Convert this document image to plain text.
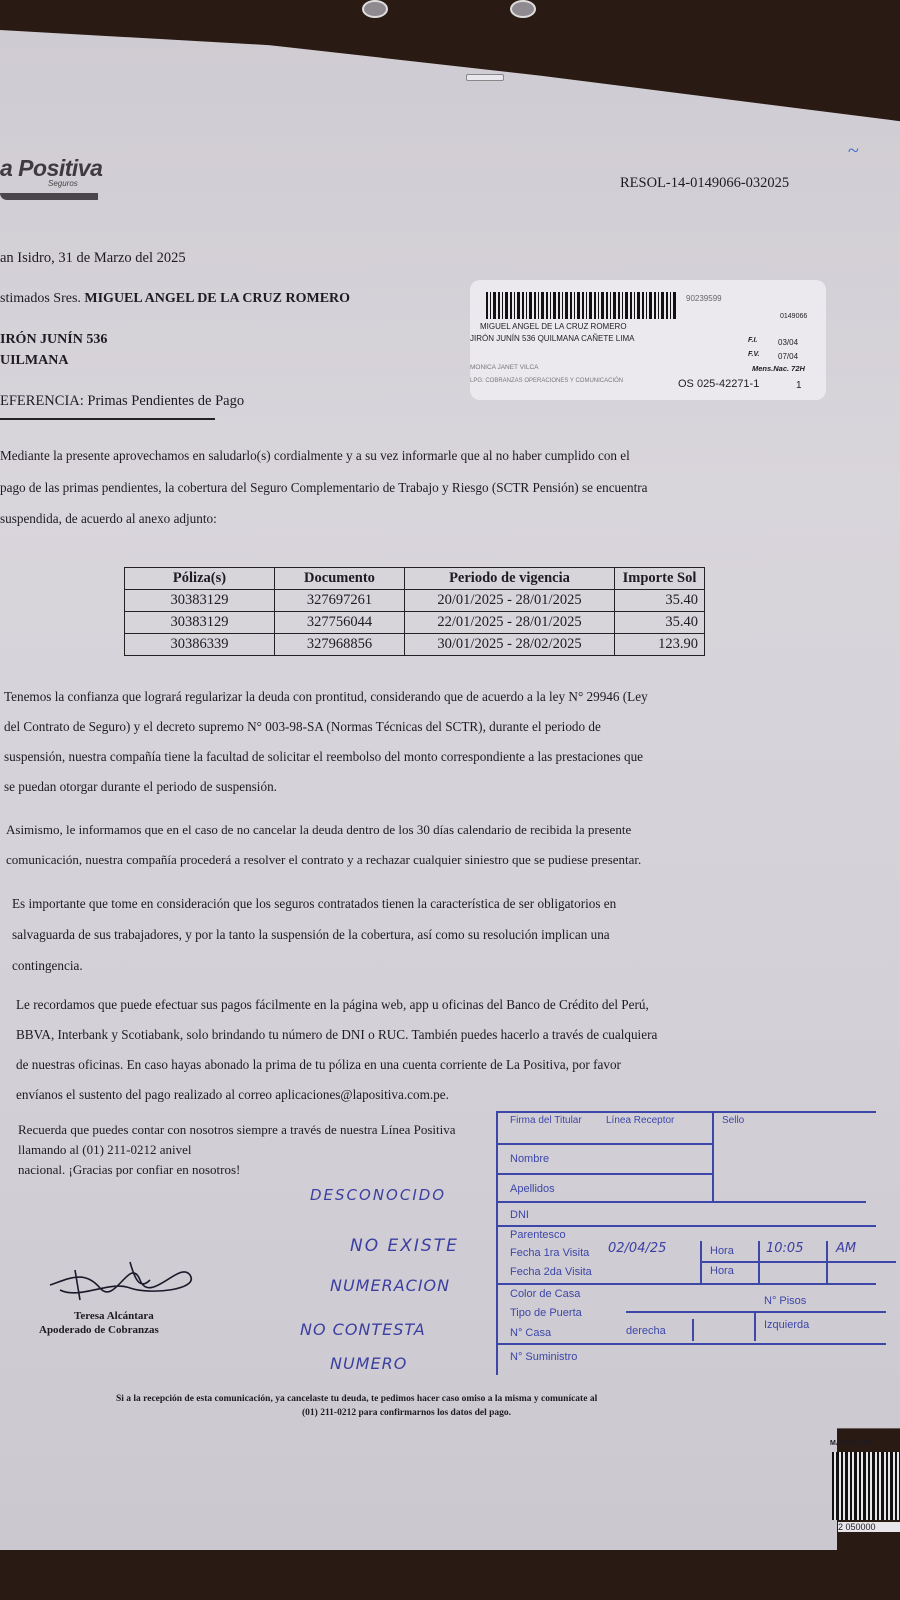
~
a Positiva
Seguros	RESOL-14-0149066-032025
an Isidro, 31 de Marzo del 2025
stimados Sres. MIGUEL ANGEL DE LA CRUZ ROMERO
IRÓN JUNÍN 536
UILMANA
EFERENCIA: Primas Pendientes de Pago
90239599
MIGUEL ANGEL DE LA CRUZ ROMERO
JIRÓN JUNÍN 536 QUILMANA CAÑETE LIMA
MONICA JANET VILCA
LPG: COBRANZAS OPERACIONES Y COMUNICACIÓN
0149066
F.I.	03/04
F.V. 07/04
Mens.Nac. 72H
OS 025-42271-1	1
Mediante la presente aprovechamos en saludarlo(s) cordialmente y a su vez informarle que al no haber cumplido con el
pago de las primas pendientes, la cobertura del Seguro Complementario de Trabajo y Riesgo (SCTR Pensión) se encuentra
suspendida, de acuerdo al anexo adjunto:
Póliza(s)	Documento	Periodo de vigencia	Importe Sol
30383129	327697261	20/01/2025 - 28/01/2025	35.40
30383129	327756044	22/01/2025 - 28/01/2025	35.40
30386339	327968856	30/01/2025 - 28/02/2025	123.90
Tenemos la confianza que logrará regularizar la deuda con prontitud, considerando que de acuerdo a la ley N° 29946 (Ley
del Contrato de Seguro) y el decreto supremo N° 003-98-SA (Normas Técnicas del SCTR), durante el periodo de
suspensión, nuestra compañía tiene la facultad de solicitar el reembolso del monto correspondiente a las prestaciones que
se puedan otorgar durante el periodo de suspensión.
Asimismo, le informamos que en el caso de no cancelar la deuda dentro de los 30 días calendario de recibida la presente
comunicación, nuestra compañía procederá a resolver el contrato y a rechazar cualquier siniestro que se pudiese presentar.
Es importante que tome en consideración que los seguros contratados tienen la característica de ser obligatorios en
salvaguarda de sus trabajadores, y por la tanto la suspensión de la cobertura, así como su resolución implican una
contingencia.
Le recordamos que puede efectuar sus pagos fácilmente en la página web, app u oficinas del Banco de Crédito del Perú,
BBVA, Interbank y Scotiabank, solo brindando tu número de DNI o RUC. También puedes hacerlo a través de cualquiera
de nuestras oficinas. En caso hayas abonado la prima de tu póliza en una cuenta corriente de La Positiva, por favor
envíanos el sustento del pago realizado al correo aplicaciones@lapositiva.com.pe.
Recuerda que puedes contar con nosotros siempre a través de nuestra Línea Positiva llamando al (01) 211-0212 anivel
nacional. ¡Gracias por confiar en nosotros!
Teresa Alcántara
Apoderado de Cobranzas
Firma del Titular Línea Receptor	Sello
Nombre
Apellidos
DNI
Parentesco
Fecha 1ra Visita 02/04/25	Hora 10:05	AM
Hora
Fecha 2da Visita
Color de Casa
N° Pisos
Tipo de Puerta
derecha	Izquierda
N° Casa
N° Suministro
DESCONOCIDO
NO EXISTE
NUMERACION
NO CONTESTA
NUMERO
Si a la recepción de esta comunicación, ya cancelaste tu deuda, te pedimos hacer caso omiso a la misma y comunícate al
(01) 211-0212 para confirmarnos los datos del pago.
MACHO DE I
2 050000
